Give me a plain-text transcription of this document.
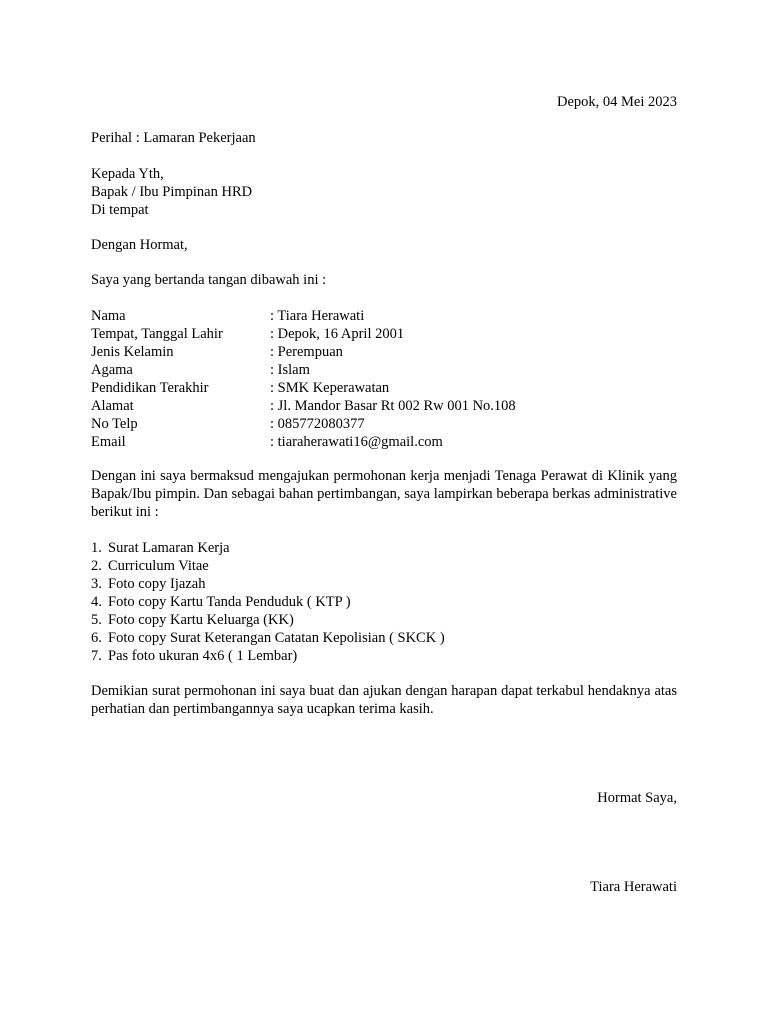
Depok, 04 Mei 2023
Perihal : Lamaran Pekerjaan
Kepada Yth,
Bapak / Ibu Pimpinan HRD
Di tempat
Dengan Hormat,
Saya yang bertanda tangan dibawah ini :
Nama	: Tiara Herawati
Tempat, Tanggal Lahir	: Depok, 16 April 2001
Jenis Kelamin	: Perempuan
Agama	: Islam
Pendidikan Terakhir	: SMK Keperawatan
Alamat	: Jl. Mandor Basar Rt 002 Rw 001 No.108
No Telp	: 085772080377
Email	: tiaraherawati16@gmail.com
Dengan ini saya bermaksud mengajukan permohonan kerja menjadi Tenaga Perawat di Klinik yang Bapak/Ibu pimpin. Dan sebagai bahan pertimbangan, saya lampirkan beberapa berkas administrative berikut ini :
1. Surat Lamaran Kerja
2. Curriculum Vitae
3. Foto copy Ijazah
4. Foto copy Kartu Tanda Penduduk ( KTP )
5. Foto copy Kartu Keluarga (KK)
6. Foto copy Surat Keterangan Catatan Kepolisian ( SKCK )
7. Pas foto ukuran 4x6 ( 1 Lembar)
Demikian surat permohonan ini saya buat dan ajukan dengan harapan dapat terkabul hendaknya atas perhatian dan pertimbangannya saya ucapkan terima kasih.
Hormat Saya,
Tiara Herawati
